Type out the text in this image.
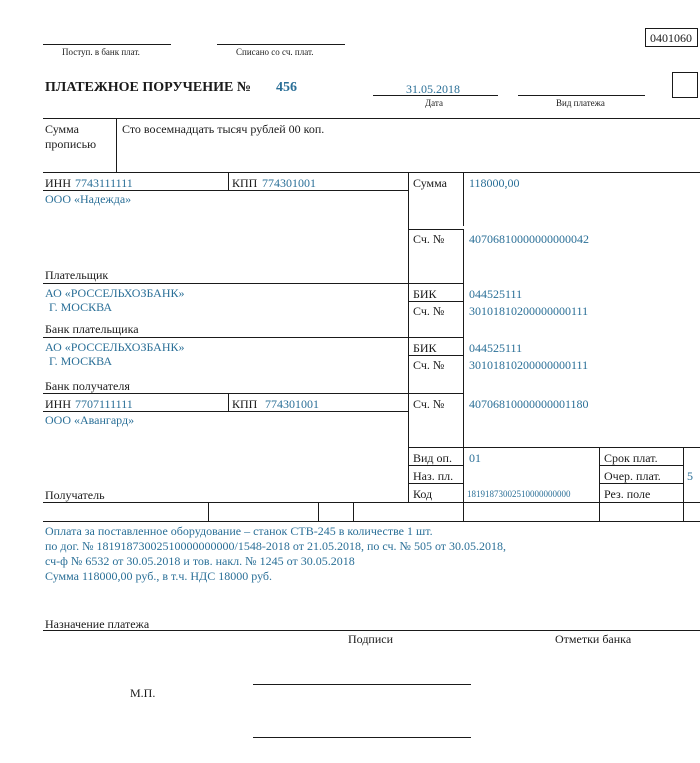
0401060
Поступ. в банк плат.	Списано со сч. плат.
ПЛАТЕЖНОЕ ПОРУЧЕНИЕ № 456	31.05.2018
Дата	Вид платежа
Сумма
прописью
Сто восемнадцать тысяч рублей 00 коп.
ИНН 7743111111	КПП 774301001
ООО «Надежда»
Плательщик
Сумма 118000,00
Сч. № 40706810000000000042
АО «РОССЕЛЬХОЗБАНК»
Г. МОСКВА
Банк плательщика
БИК	044525111
Сч. № 30101810200000000111
АО «РОССЕЛЬХОЗБАНК»
Г. МОСКВА
Банк получателя
БИК	044525111
Сч. № 30101810200000000111
ИНН 7707111111	КПП 774301001
ООО «Авангард»
Сч. № 40706810000000001180
Получатель
Вид оп. 01
Наз. пл.
Код	18191873002510000000000
Срок плат.
Очер. плат. 5
Рез. поле
Оплата за поставленное оборудование – станок СТВ-245 в количестве 1 шт.
по дог. № 18191873002510000000000/1548-2018 от 21.05.2018, по сч. № 505 от 30.05.2018,
сч-ф № 6532 от 30.05.2018 и тов. накл. № 1245 от 30.05.2018
Сумма 118000,00 руб., в т.ч. НДС 18000 руб.
Назначение платежа
Подписи	Отметки банка
М.П.
